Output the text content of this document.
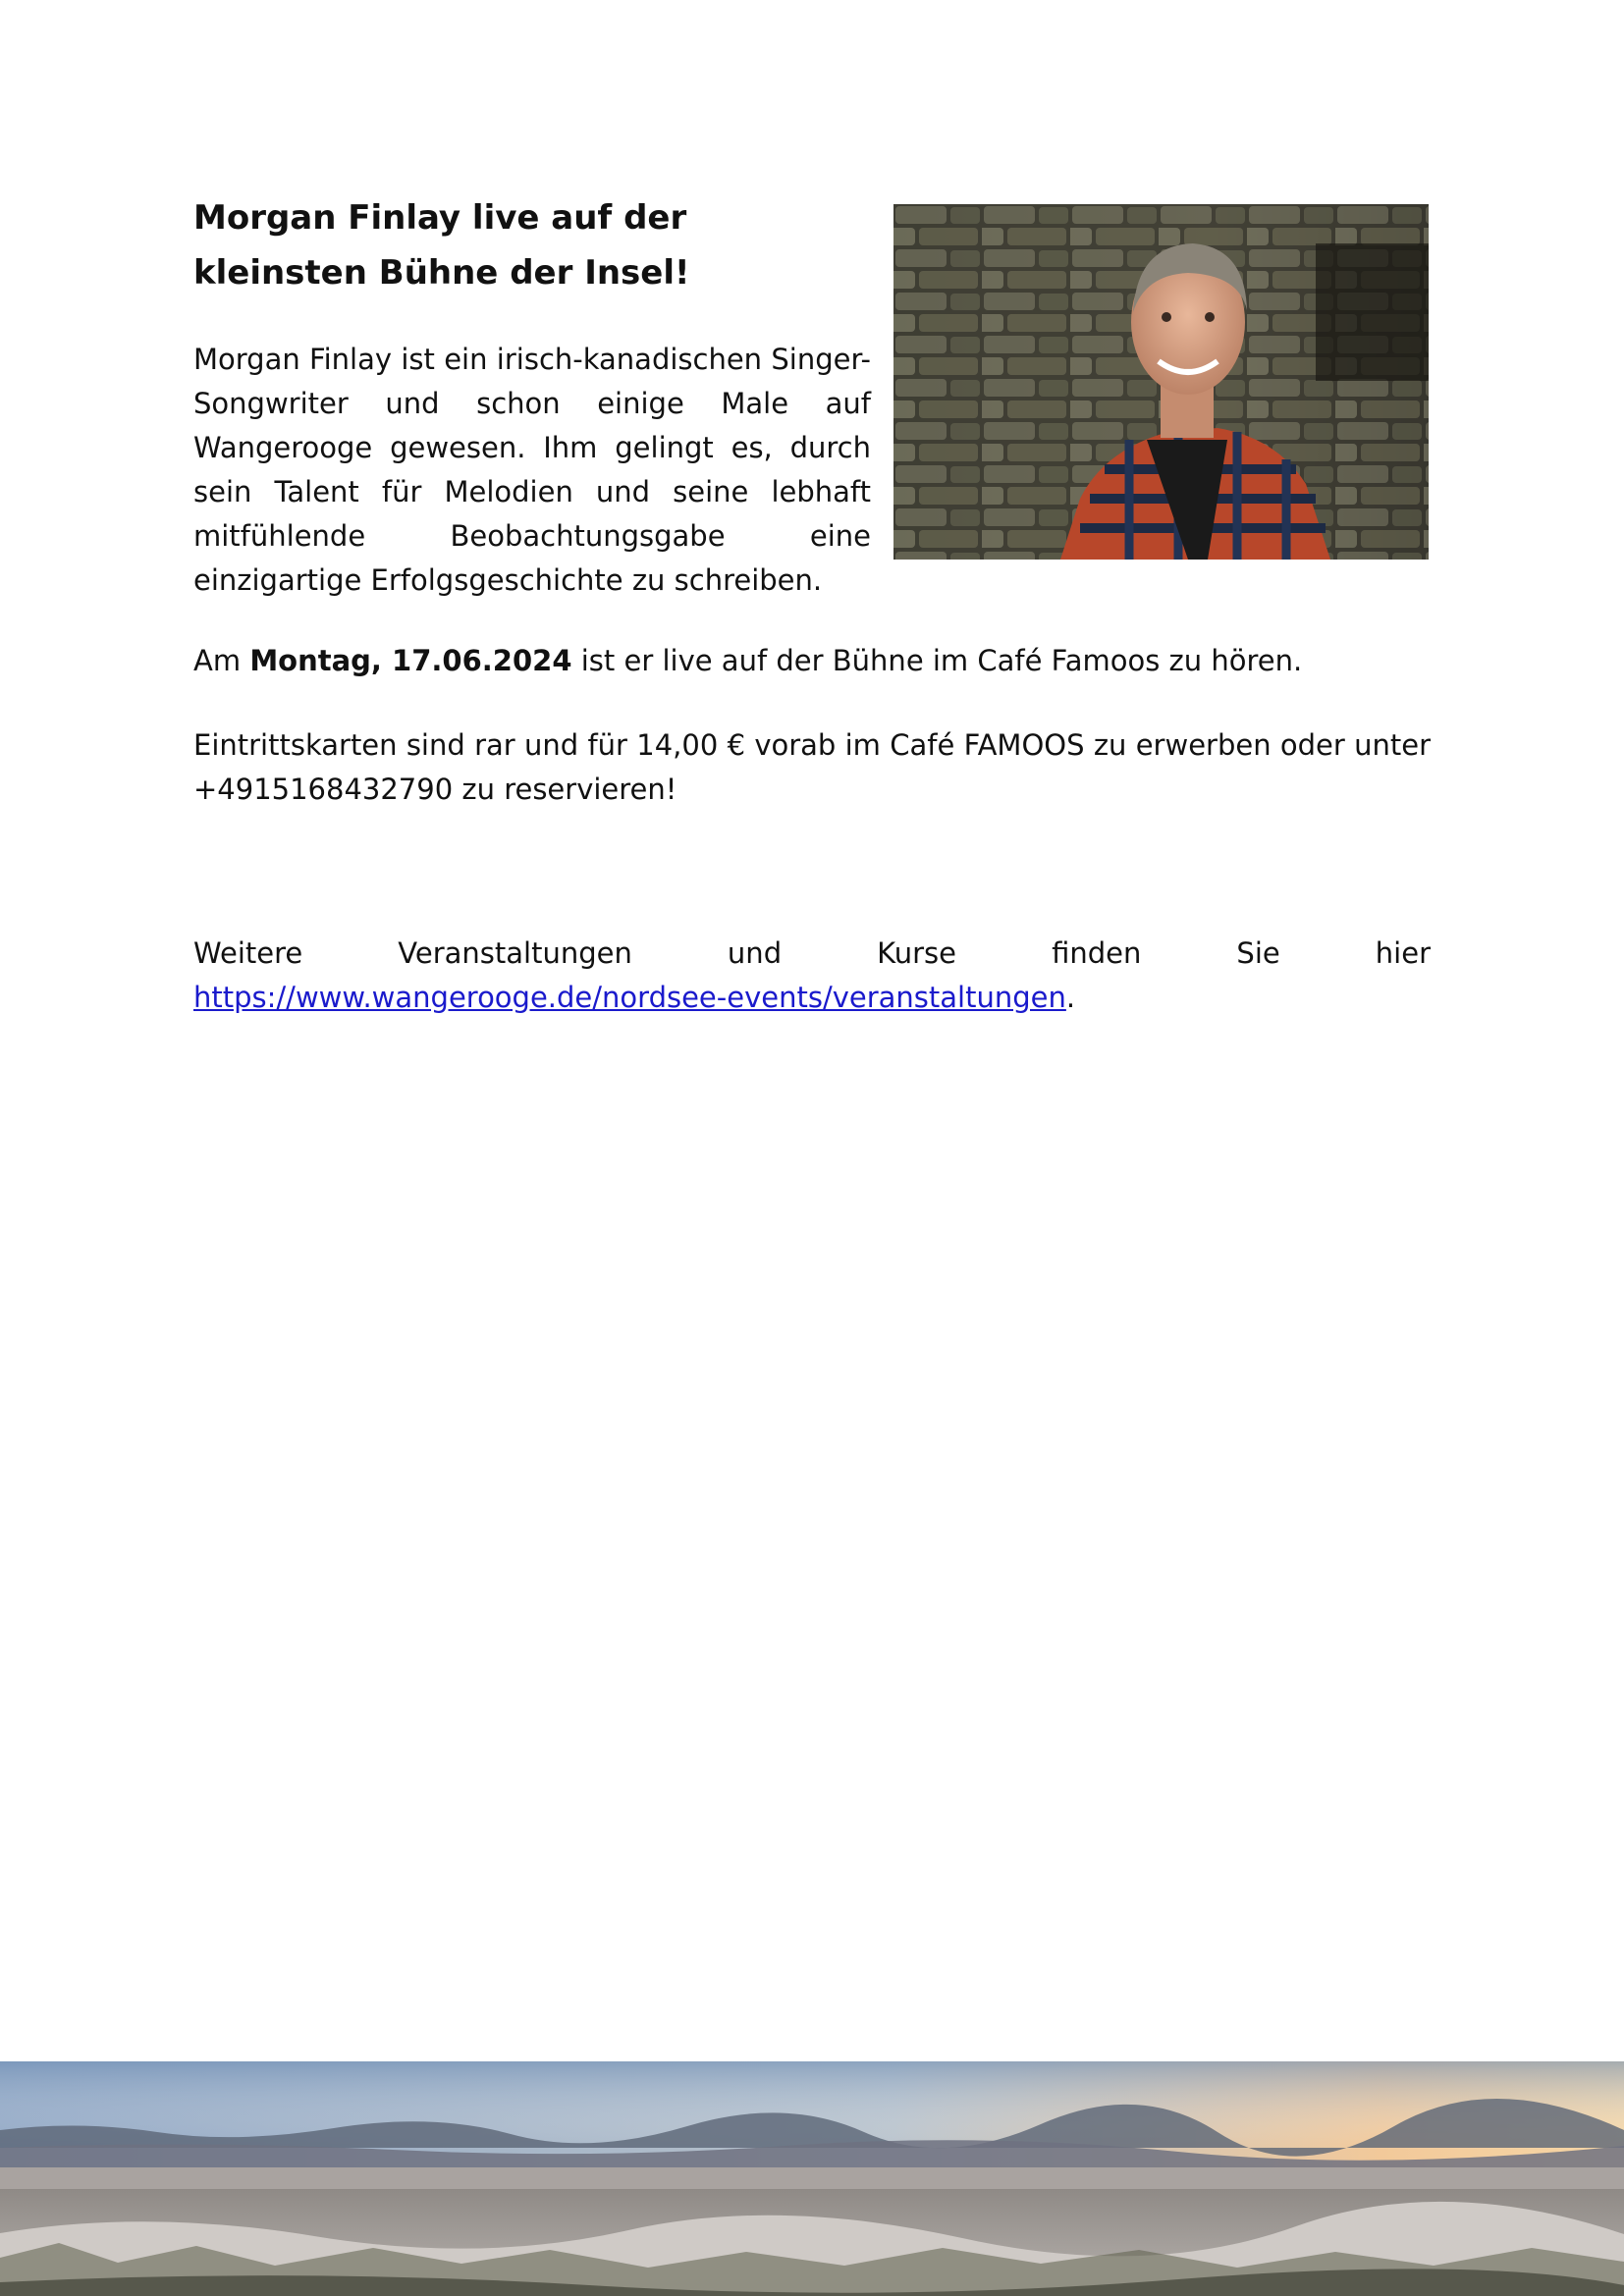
Morgan Finlay live auf der kleinsten Bühne der Insel!

Morgan Finlay ist ein irisch-kanadischen Singer-Songwriter und schon einige Male auf Wangerooge gewesen. Ihm gelingt es, durch sein Talent für Melodien und seine lebhaft mitfühlende Beobachtungsgabe eine einzigartige Erfolgsgeschichte zu schreiben.

Am Montag, 17.06.2024 ist er live auf der Bühne im Café Famoos zu hören.

Eintrittskarten sind rar und für 14,00 € vorab im Café FAMOOS zu erwerben oder unter +4915168432790 zu reservieren!

Weitere Veranstaltungen und Kurse finden Sie hier https://www.wangerooge.de/nordsee-events/veranstaltungen.
